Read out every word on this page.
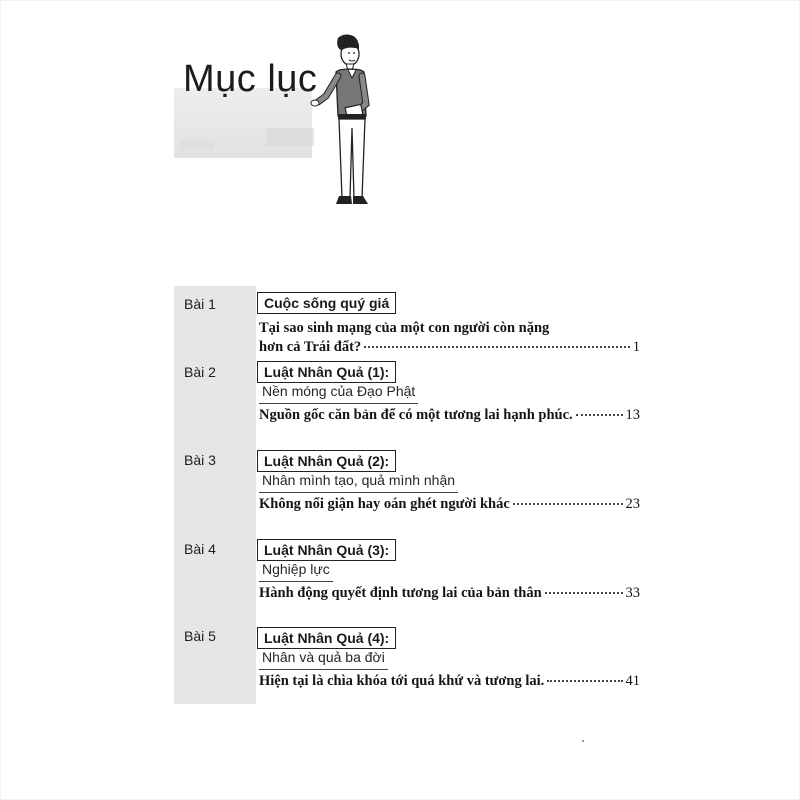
Mục lục
Bài 1	Cuộc sống quý giá
Tại sao sinh mạng của một con người còn nặng
hơn cả Trái đất?	1
Bài 2	Luật Nhân Quả (1):
Nền móng của Đạo Phật
Nguồn gốc căn bản để có một tương lai hạnh phúc.	13
Bài 3	Luật Nhân Quả (2):
Nhân mình tạo, quả mình nhận
Không nổi giận hay oán ghét người khác	23
Bài 4	Luật Nhân Quả (3):
Nghiệp lực
Hành động quyết định tương lai của bản thân	33
Bài 5	Luật Nhân Quả (4):
Nhân và quả ba đời
Hiện tại là chìa khóa tới quá khứ và tương lai.	41
